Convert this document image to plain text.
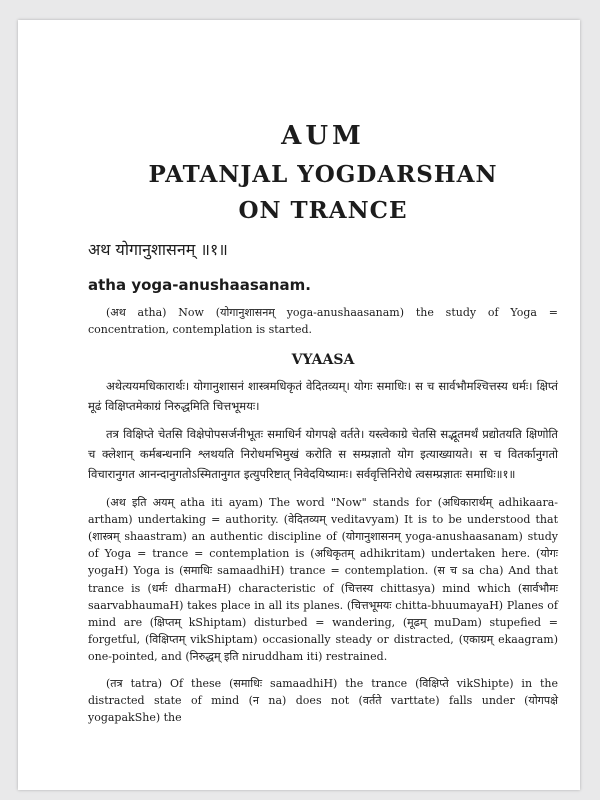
AUM
PATANJAL YOGDARSHAN
ON TRANCE
अथ योगानुशासनम् ॥१॥
atha yoga-anushaasanam.

(अथ atha) Now (योगानुशासनम् yoga-anushaasanam) the study of Yoga = concentration, contemplation is started.

VYAASA

अथेत्ययमधिकारार्थः। योगानुशासनं शास्त्रमधिकृतं वेदितव्यम्। योगः समाधिः। स च सार्वभौमश्चित्तस्य धर्मः। क्षिप्तं मूढं विक्षिप्तमेकाग्रं निरुद्धमिति चित्तभूमयः।

तत्र विक्षिप्ते चेतसि विक्षेपोपसर्जनीभूतः समाधिर्न योगपक्षे वर्तते। यस्त्वेकाग्रे चेतसि सद्भूतमर्थं प्रद्योतयति क्षिणोति च क्लेशान् कर्मबन्धनानि श्लथयति निरोधमभिमुखं करोति स सम्प्रज्ञातो योग इत्याख्यायते। स च वितर्कानुगतो विचारानुगत आनन्दानुगतोऽस्मितानुगत इत्युपरिष्टात् निवेदयिष्यामः। सर्ववृत्तिनिरोधे त्वसम्प्रज्ञातः समाधिः॥१॥

(अथ इति अयम् atha iti ayam) The word "Now" stands for (अधिकारार्थम् adhikaara-artham) undertaking = authority. (वेदितव्यम् veditavyam) It is to be understood that (शास्त्रम् shaastram) an authentic discipline of (योगानुशासनम् yoga-anushaasanam) study of Yoga = trance = contemplation is (अधिकृतम् adhikritam) undertaken here. (योगः yogaH) Yoga is (समाधिः samaadhiH) trance = contemplation. (स च sa cha) And that trance is (धर्मः dharmaH) characteristic of (चित्तस्य chittasya) mind which (सार्वभौमः saarvabhaumaH) takes place in all its planes. (चित्तभूमयः chitta-bhuumayaH) Planes of mind are (क्षिप्तम् kShiptam) disturbed = wandering, (मूढम् muDam) stupefied = forgetful, (विक्षिप्तम् vikShiptam) occasionally steady or distracted, (एकाग्रम् ekaagram) one-pointed, and (निरुद्धम् इति niruddham iti) restrained.

(तत्र tatra) Of these (समाधिः samaadhiH) the trance (विक्षिप्ते vikShipte) in the distracted state of mind (न na) does not (वर्तते varttate) falls under (योगपक्षे yogapakShe) the
